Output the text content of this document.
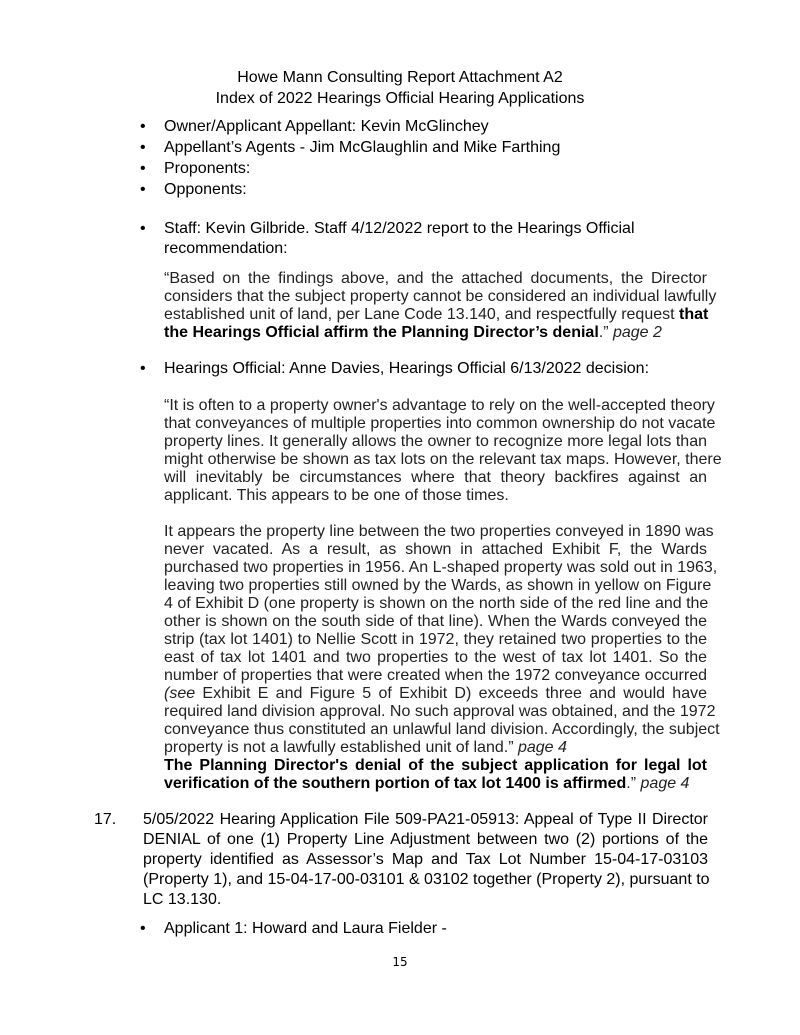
Howe Mann Consulting Report Attachment A2
Index of 2022 Hearings Official Hearing Applications
• Owner/Applicant Appellant: Kevin McGlinchey
• Appellant’s Agents - Jim McGlaughlin and Mike Farthing
• Proponents:
• Opponents:
• Staff: Kevin Gilbride. Staff 4/12/2022 report to the Hearings Official
recommendation:
“Based on the findings above, and the attached documents, the Director
considers that the subject property cannot be considered an individual lawfully
established unit of land, per Lane Code 13.140, and respectfully request that
the Hearings Official affirm the Planning Director’s denial.” page 2
• Hearings Official: Anne Davies, Hearings Official 6/13/2022 decision:
“It is often to a property owner's advantage to rely on the well-accepted theory
that conveyances of multiple properties into common ownership do not vacate
property lines. It generally allows the owner to recognize more legal lots than
might otherwise be shown as tax lots on the relevant tax maps. However, there
will inevitably be circumstances where that theory backfires against an
applicant. This appears to be one of those times.
It appears the property line between the two properties conveyed in 1890 was
never vacated. As a result, as shown in attached Exhibit F, the Wards
purchased two properties in 1956. An L-shaped property was sold out in 1963,
leaving two properties still owned by the Wards, as shown in yellow on Figure
4 of Exhibit D (one property is shown on the north side of the red line and the
other is shown on the south side of that line). When the Wards conveyed the
strip (tax lot 1401) to Nellie Scott in 1972, they retained two properties to the
east of tax lot 1401 and two properties to the west of tax lot 1401. So the
number of properties that were created when the 1972 conveyance occurred
(see Exhibit E and Figure 5 of Exhibit D) exceeds three and would have
required land division approval. No such approval was obtained, and the 1972
conveyance thus constituted an unlawful land division. Accordingly, the subject
property is not a lawfully established unit of land.” page 4
The Planning Director's denial of the subject application for legal lot
verification of the southern portion of tax lot 1400 is affirmed.” page 4
17. 5/05/2022 Hearing Application File 509-PA21-05913: Appeal of Type II Director
DENIAL of one (1) Property Line Adjustment between two (2) portions of the
property identified as Assessor’s Map and Tax Lot Number 15-04-17-03103
(Property 1), and 15-04-17-00-03101 & 03102 together (Property 2), pursuant to
LC 13.130.
• Applicant 1: Howard and Laura Fielder -
15
